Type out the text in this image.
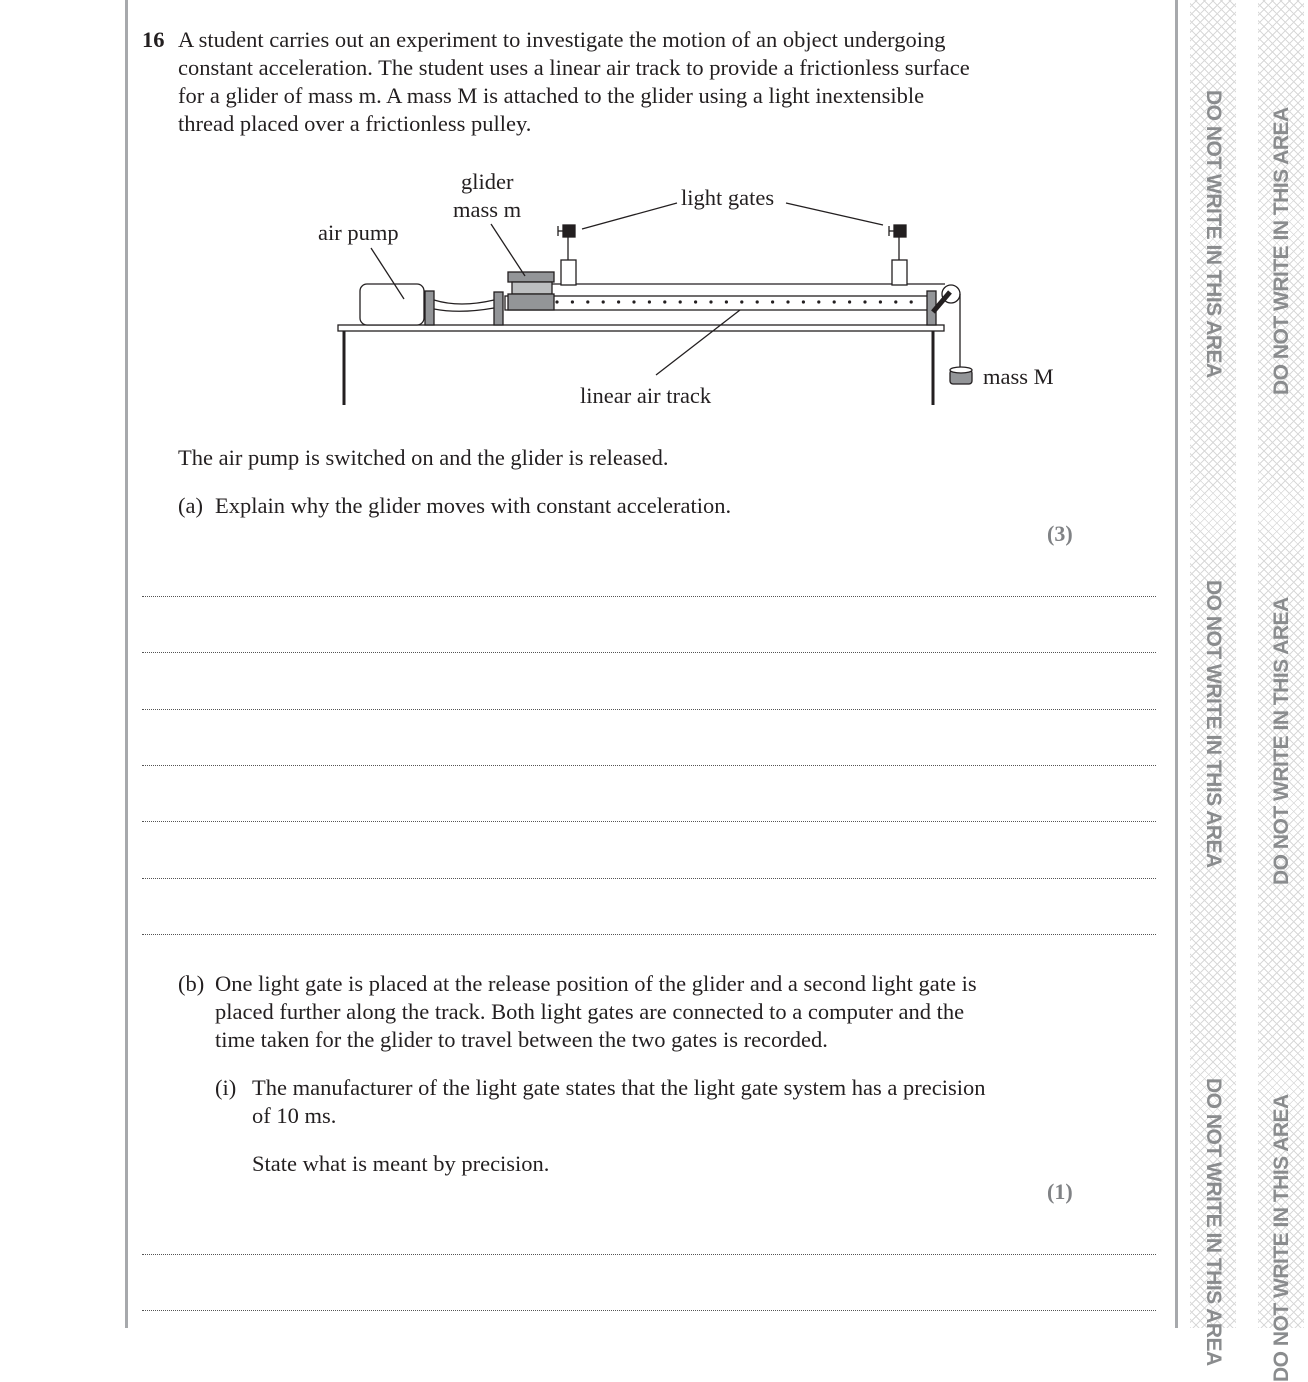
DO NOT WRITE IN THIS AREA
DO NOT WRITE IN THIS AREA
DO NOT WRITE IN THIS AREA
DO NOT WRITE IN THIS AREA
DO NOT WRITE IN THIS AREA
DO NOT WRITE IN THIS AREA
16 A student carries out an experiment to investigate the motion of an object undergoing
constant acceleration. The student uses a linear air track to provide a frictionless surface
for a glider of mass m. A mass M is attached to the glider using a light inextensible
thread placed over a frictionless pulley.
glider
mass m	light gates
air pump
linear air track
mass M
The air pump is switched on and the glider is released.
(a) Explain why the glider moves with constant acceleration.
(3)
(b) One light gate is placed at the release position of the glider and a second light gate is
placed further along the track. Both light gates are connected to a computer and the
time taken for the glider to travel between the two gates is recorded.
(i) The manufacturer of the light gate states that the light gate system has a precision
of 10 ms.
State what is meant by precision.
(1)
